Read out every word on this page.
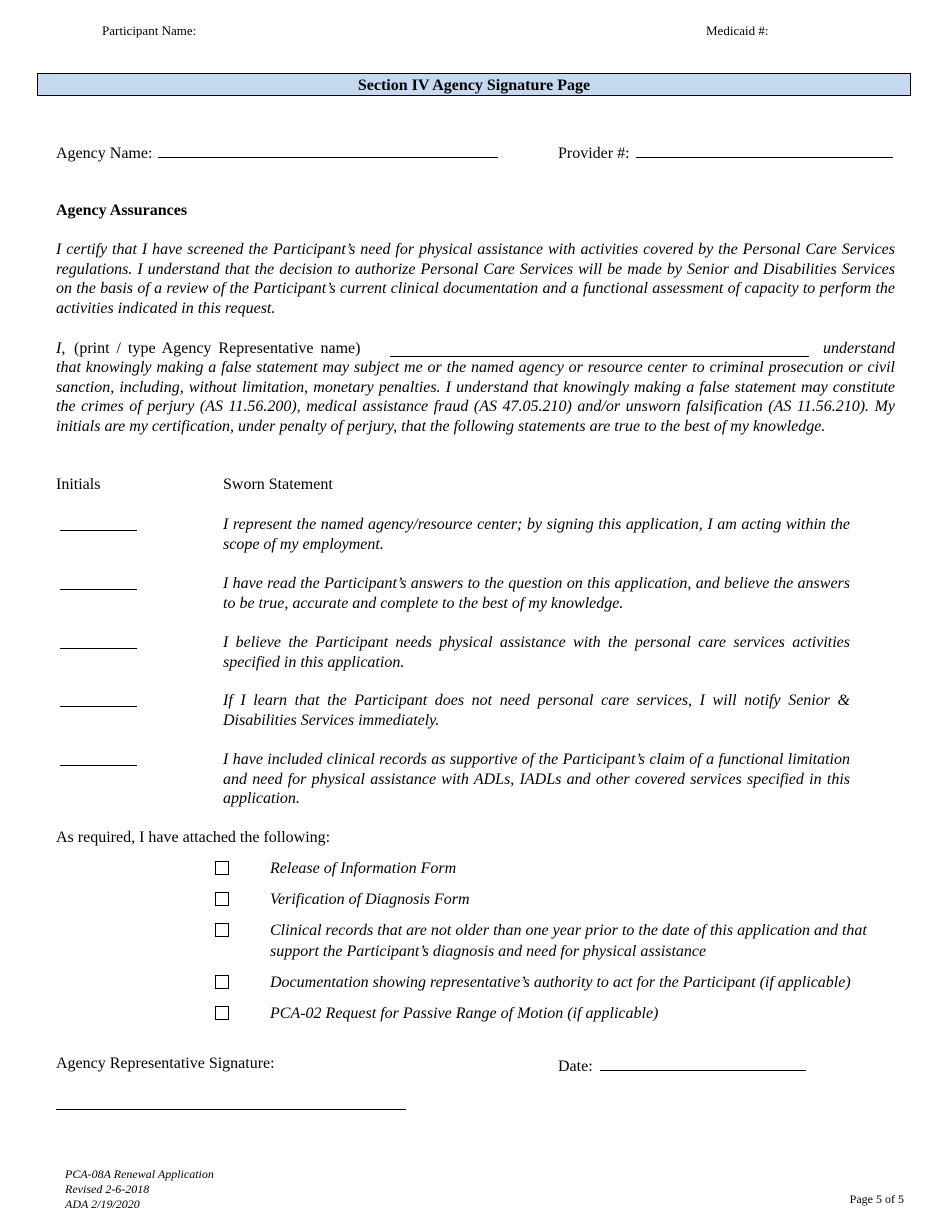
Participant Name:	Medicaid #:
Section IV Agency Signature Page
Agency Name:	Provider #:
Agency Assurances
I certify that I have screened the Participant’s need for physical assistance with activities covered by the Personal Care Services regulations. I understand that the decision to authorize Personal Care Services will be made by Senior and Disabilities Services on the basis of a review of the Participant’s current clinical documentation and a functional assessment of capacity to perform the activities indicated in this request.
I, (print / type Agency Representative name)	understand
that knowingly making a false statement may subject me or the named agency or resource center to criminal prosecution or civil sanction, including, without limitation, monetary penalties. I understand that knowingly making a false statement may constitute the crimes of perjury (AS 11.56.200), medical assistance fraud (AS 47.05.210) and/or unsworn falsification (AS 11.56.210). My initials are my certification, under penalty of perjury, that the following statements are true to the best of my knowledge.
Initials	Sworn Statement
I represent the named agency/resource center; by signing this application, I am acting within the scope of my employment.
I have read the Participant’s answers to the question on this application, and believe the answers to be true, accurate and complete to the best of my knowledge.
I believe the Participant needs physical assistance with the personal care services activities specified in this application.
If I learn that the Participant does not need personal care services, I will notify Senior & Disabilities Services immediately.
I have included clinical records as supportive of the Participant’s claim of a functional limitation and need for physical assistance with ADLs, IADLs and other covered services specified in this application.
As required, I have attached the following:
Release of Information Form
Verification of Diagnosis Form
Clinical records that are not older than one year prior to the date of this application and that support the Participant’s diagnosis and need for physical assistance
Documentation showing representative’s authority to act for the Participant (if applicable)
PCA-02 Request for Passive Range of Motion (if applicable)
Agency Representative Signature:	Date:
PCA-08A Renewal Application
Revised 2-6-2018
ADA 2/19/2020	Page 5 of 5
